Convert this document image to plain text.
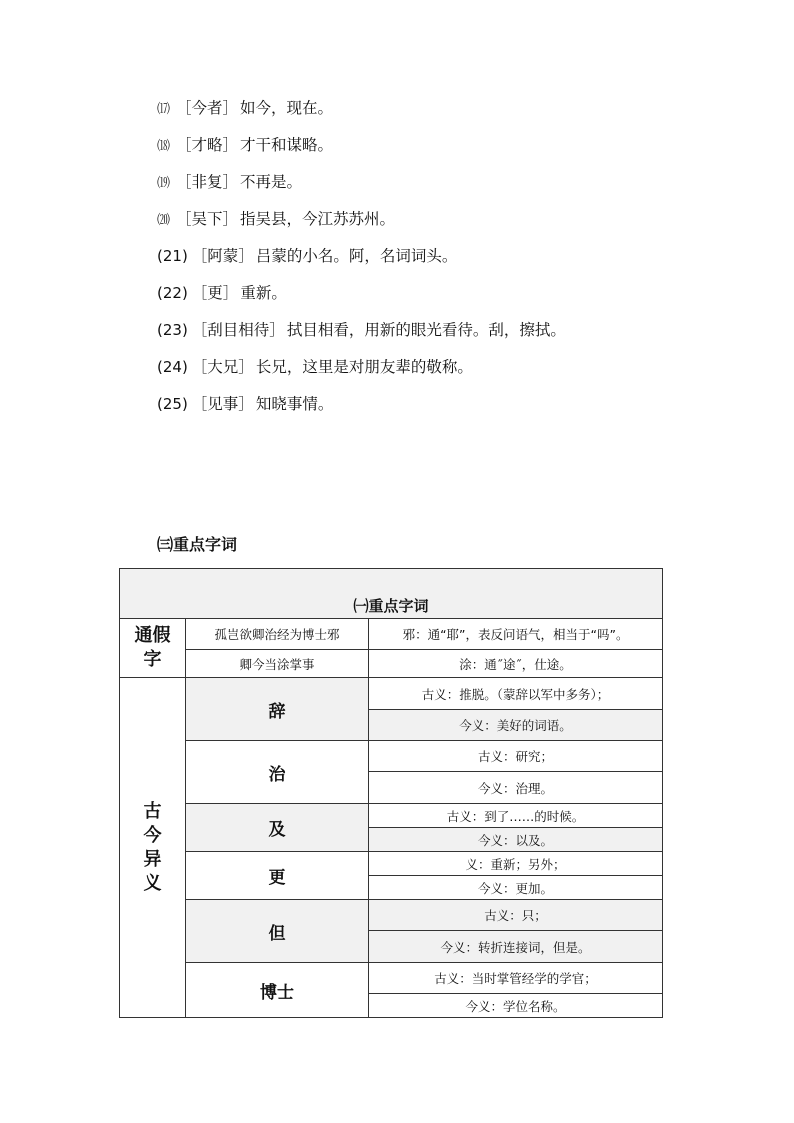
⒄ ［今者］ 如今，现在。
⒅ ［才略］ 才干和谋略。
⒆ ［非复］ 不再是。
⒇ ［吴下］ 指吴县，今江苏苏州。
(21) ［阿蒙］ 吕蒙的小名。阿，名词词头。
(22) ［更］ 重新。
(23) ［刮目相待］ 拭目相看，用新的眼光看待。刮，擦拭。
(24) ［大兄］ 长兄，这里是对朋友辈的敬称。
(25) ［见事］ 知晓事情。
㈢重点字词
㈠重点字词		

通假
字	孤岂欲卿治经为博士邪	邪：通“耶”，表反问语气，相当于“吗”。
	卿今当涂掌事	涂：通˝途˝，仕途。

古
今
异
义	辞	古义：推脱。（蒙辞以军中多务）；
		今义：美好的词语。
	治	古义：研究；
		今义：治理。
	及	古义：到了……的时候。
		今义：以及。
	更	义：重新；另外；
		今义：更加。
	但	古义：只；
		今义：转折连接词，但是。
	博士	古义：当时掌管经学的学官；
		今义：学位名称。
